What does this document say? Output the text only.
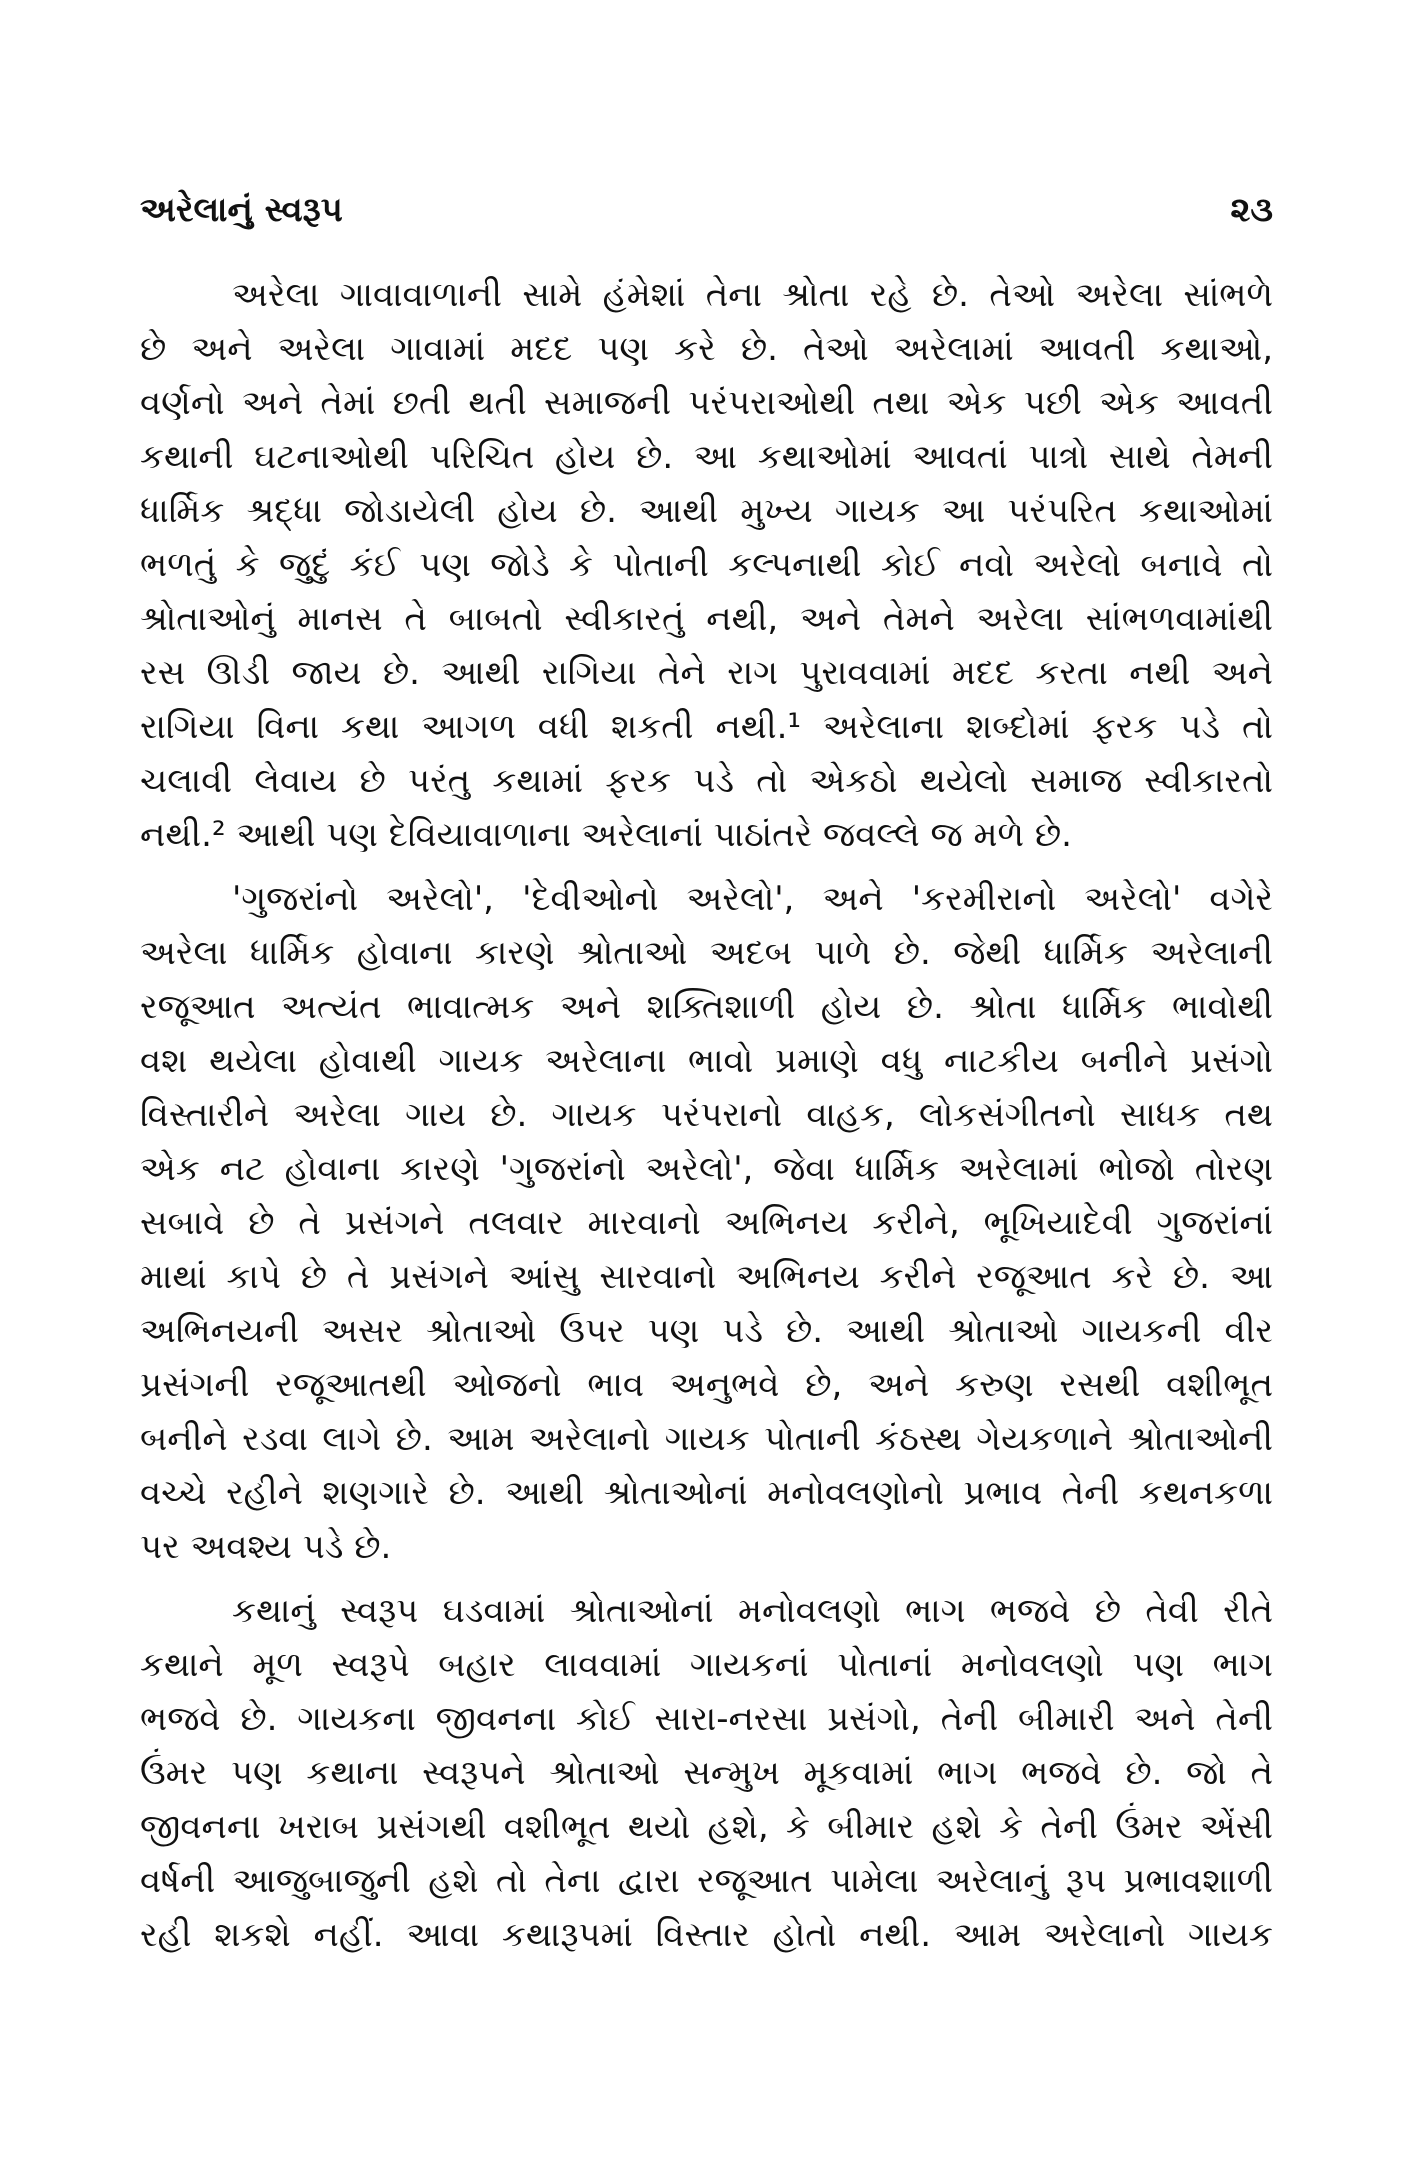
અરેલાનું સ્વરૂપ	૨૩
અરેલા ગાવાવાળાની સામે હંમેશાં તેના શ્રોતા રહે છે. તેઓ અરેલા સાંભળે
છે અને અરેલા ગાવામાં મદદ પણ કરે છે. તેઓ અરેલામાં આવતી કથાઓ,
વર્ણનો અને તેમાં છતી થતી સમાજની પરંપરાઓથી તથા એક પછી એક આવતી
કથાની ઘટનાઓથી પરિચિત હોય છે. આ કથાઓમાં આવતાં પાત્રો સાથે તેમની
ધાર્મિક શ્રદ્ધા જોડાયેલી હોય છે. આથી મુખ્ય ગાયક આ પરંપરિત કથાઓમાં
ભળતું કે જુદું કંઈ પણ જોડે કે પોતાની કલ્પનાથી કોઈ નવો અરેલો બનાવે તો
શ્રોતાઓનું માનસ તે બાબતો સ્વીકારતું નથી, અને તેમને અરેલા સાંભળવામાંથી
રસ ઊડી જાય છે. આથી રાગિયા તેને રાગ પુરાવવામાં મદદ કરતા નથી અને
રાગિયા વિના કથા આગળ વધી શકતી નથી.¹ અરેલાના શબ્દોમાં ફરક પડે તો
ચલાવી લેવાય છે પરંતુ કથામાં ફરક પડે તો એકઠો થયેલો સમાજ સ્વીકારતો
નથી.² આથી પણ દેવિયાવાળાના અરેલાનાં પાઠાંતરે જવલ્લે જ મળે છે.
'ગુજરાંનો અરેલો', 'દેવીઓનો અરેલો', અને 'કરમીરાનો અરેલો' વગેરે
અરેલા ધાર્મિક હોવાના કારણે શ્રોતાઓ અદબ પાળે છે. જેથી ધાર્મિક અરેલાની
રજૂઆત અત્યંત ભાવાત્મક અને શક્તિશાળી હોય છે. શ્રોતા ધાર્મિક ભાવોથી
વશ થયેલા હોવાથી ગાયક અરેલાના ભાવો પ્રમાણે વધુ નાટકીય બનીને પ્રસંગો
વિસ્તારીને અરેલા ગાય છે. ગાયક પરંપરાનો વાહક, લોકસંગીતનો સાધક તથ
એક નટ હોવાના કારણે 'ગુજરાંનો અરેલો', જેવા ધાર્મિક અરેલામાં ભોજો તોરણ
સબાવે છે તે પ્રસંગને તલવાર મારવાનો અભિનય કરીને, ભૂખિયાદેવી ગુજરાંનાં
માથાં કાપે છે તે પ્રસંગને આંસુ સારવાનો અભિનય કરીને રજૂઆત કરે છે. આ
અભિનયની અસર શ્રોતાઓ ઉપર પણ પડે છે. આથી શ્રોતાઓ ગાયકની વીર
પ્રસંગની રજૂઆતથી ઓજનો ભાવ અનુભવે છે, અને કરુણ રસથી વશીભૂત
બનીને રડવા લાગે છે. આમ અરેલાનો ગાયક પોતાની કંઠસ્થ ગેયકળાને શ્રોતાઓની
વચ્ચે રહીને શણગારે છે. આથી શ્રોતાઓનાં મનોવલણોનો પ્રભાવ તેની કથનકળા
પર અવશ્ય પડે છે.
કથાનું સ્વરૂપ ઘડવામાં શ્રોતાઓનાં મનોવલણો ભાગ ભજવે છે તેવી રીતે
કથાને મૂળ સ્વરૂપે બહાર લાવવામાં ગાયકનાં પોતાનાં મનોવલણો પણ ભાગ
ભજવે છે. ગાયકના જીવનના કોઈ સારા-નરસા પ્રસંગો, તેની બીમારી અને તેની
ઉંમર પણ કથાના સ્વરૂપને શ્રોતાઓ સન્મુખ મૂકવામાં ભાગ ભજવે છે. જો તે
જીવનના ખરાબ પ્રસંગથી વશીભૂત થયો હશે, કે બીમાર હશે કે તેની ઉંમર એંસી
વર્ષની આજુબાજુની હશે તો તેના દ્વારા રજૂઆત પામેલા અરેલાનું રૂપ પ્રભાવશાળી
રહી શકશે નહીં. આવા કથારૂપમાં વિસ્તાર હોતો નથી. આમ અરેલાનો ગાયક
